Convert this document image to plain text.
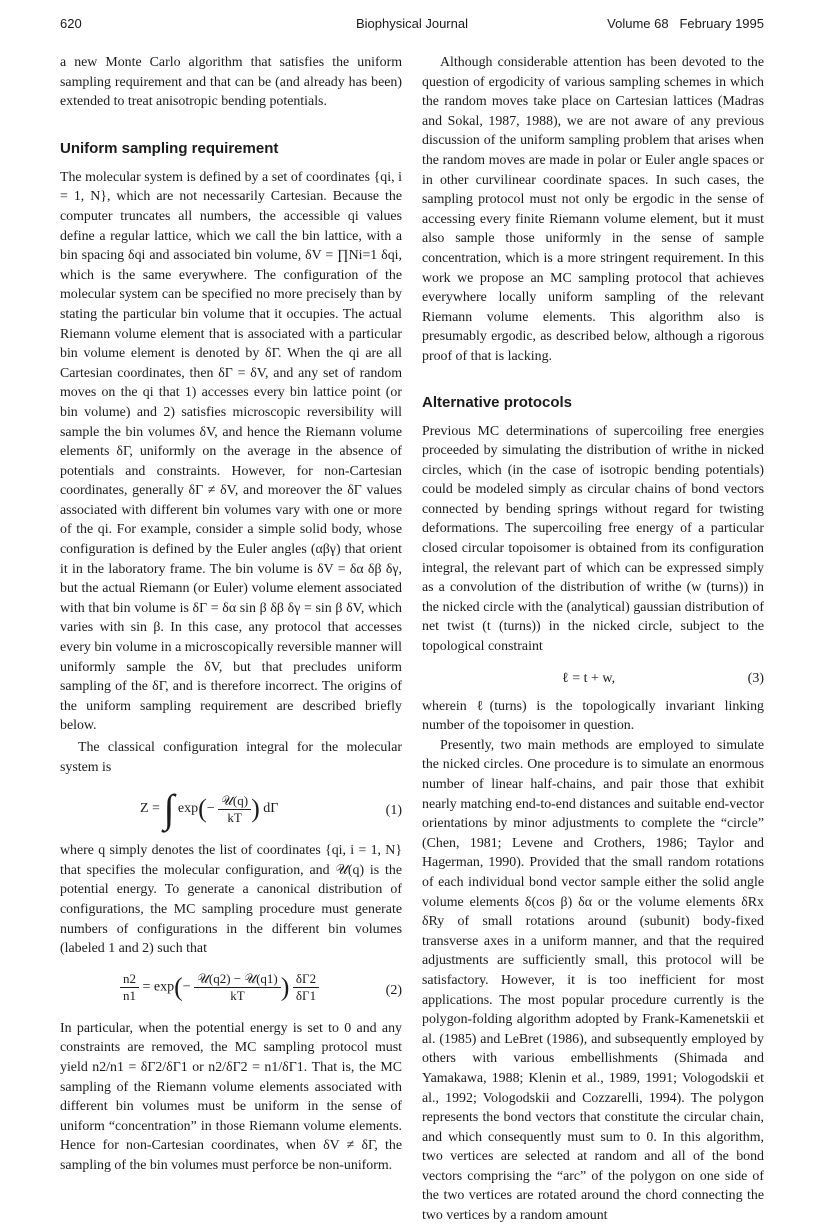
620	Biophysical Journal	Volume 68   February 1995

a new Monte Carlo algorithm that satisfies the uniform sampling requirement and that can be (and already has been) extended to treat anisotropic bending potentials.

Uniform sampling requirement

The molecular system is defined by a set of coordinates {qi, i = 1, N}, which are not necessarily Cartesian. Because the computer truncates all numbers, the accessible qi values define a regular lattice, which we call the bin lattice, with a bin spacing δqi and associated bin volume, δV = ∏Ni=1 δqi, which is the same everywhere. The configuration of the molecular system can be specified no more precisely than by stating the particular bin volume that it occupies. The actual Riemann volume element that is associated with a particular bin volume element is denoted by δΓ. When the qi are all Cartesian coordinates, then δΓ = δV, and any set of random moves on the qi that 1) accesses every bin lattice point (or bin volume) and 2) satisfies microscopic reversibility will sample the bin volumes δV, and hence the Riemann volume elements δΓ, uniformly on the average in the absence of potentials and constraints. However, for non-Cartesian coordinates, generally δΓ ≠ δV, and moreover the δΓ values associated with different bin volumes vary with one or more of the qi. For example, consider a simple solid body, whose configuration is defined by the Euler angles (αβγ) that orient it in the laboratory frame. The bin volume is δV = δα δβ δγ, but the actual Riemann (or Euler) volume element associated with that bin volume is δΓ = δα sin β δβ δγ = sin β δV, which varies with sin β. In this case, any protocol that accesses every bin volume in a microscopically reversible manner will uniformly sample the δV, but that precludes uniform sampling of the δΓ, and is therefore incorrect. The origins of the uniform sampling requirement are described briefly below.

The classical configuration integral for the molecular system is

Z = ∫ $\exp(- \frac{\text{𝒰(q)}}{kT}$ ) dΓ	(1)

where q simply denotes the list of coordinates {qi, i = 1, N} that specifies the molecular configuration, and 𝒰(q) is the potential energy. To generate a canonical distribution of configurations, the MC sampling procedure must generate numbers of configurations in the different bin volumes (labeled 1 and 2) such that

$\frac{n2}{n1} = \exp(- \frac{\text{𝒰(q2) − 𝒰(q1)}}{kT}$ ) $\frac{\delta\Gamma 2}{\delta\Gamma 1}$	(2)

In particular, when the potential energy is set to 0 and any constraints are removed, the MC sampling protocol must yield n2/n1 = δΓ2/δΓ1 or n2/δΓ2 = n1/δΓ1. That is, the MC sampling of the Riemann volume elements associated with different bin volumes must be uniform in the sense of uniform “concentration” in those Riemann volume elements. Hence for non-Cartesian coordinates, when δV ≠ δΓ, the sampling of the bin volumes must perforce be non-uniform.

Although considerable attention has been devoted to the question of ergodicity of various sampling schemes in which the random moves take place on Cartesian lattices (Madras and Sokal, 1987, 1988), we are not aware of any previous discussion of the uniform sampling problem that arises when the random moves are made in polar or Euler angle spaces or in other curvilinear coordinate spaces. In such cases, the sampling protocol must not only be ergodic in the sense of accessing every finite Riemann volume element, but it must also sample those uniformly in the sense of sample concentration, which is a more stringent requirement. In this work we propose an MC sampling protocol that achieves everywhere locally uniform sampling of the relevant Riemann volume elements. This algorithm also is presumably ergodic, as described below, although a rigorous proof of that is lacking.

Alternative protocols

Previous MC determinations of supercoiling free energies proceeded by simulating the distribution of writhe in nicked circles, which (in the case of isotropic bending potentials) could be modeled simply as circular chains of bond vectors connected by bending springs without regard for twisting deformations. The supercoiling free energy of a particular closed circular topoisomer is obtained from its configuration integral, the relevant part of which can be expressed simply as a convolution of the distribution of writhe (w (turns)) in the nicked circle with the (analytical) gaussian distribution of net twist (t (turns)) in the nicked circle, subject to the topological constraint

ℓ = t + w,	(3)

wherein ℓ(turns) is the topologically invariant linking number of the topoisomer in question.

Presently, two main methods are employed to simulate the nicked circles. One procedure is to simulate an enormous number of linear half-chains, and pair those that exhibit nearly matching end-to-end distances and suitable end-vector orientations by minor adjustments to complete the “circle” (Chen, 1981; Levene and Crothers, 1986; Taylor and Hagerman, 1990). Provided that the small random rotations of each individual bond vector sample either the solid angle volume elements δ(cos β) δα or the volume elements δRx δRy of small rotations around (subunit) body-fixed transverse axes in a uniform manner, and that the required adjustments are sufficiently small, this protocol will be satisfactory. However, it is too inefficient for most applications. The most popular procedure currently is the polygon-folding algorithm adopted by Frank-Kamenetskii et al. (1985) and LeBret (1986), and subsequently employed by others with various embellishments (Shimada and Yamakawa, 1988; Klenin et al., 1989, 1991; Vologodskii et al., 1992; Vologodskii and Cozzarelli, 1994). The polygon represents the bond vectors that constitute the circular chain, and which consequently must sum to 0. In this algorithm, two vertices are selected at random and all of the bond vectors comprising the “arc” of the polygon on one side of the two vertices are rotated around the chord connecting the two vertices by a random amount
